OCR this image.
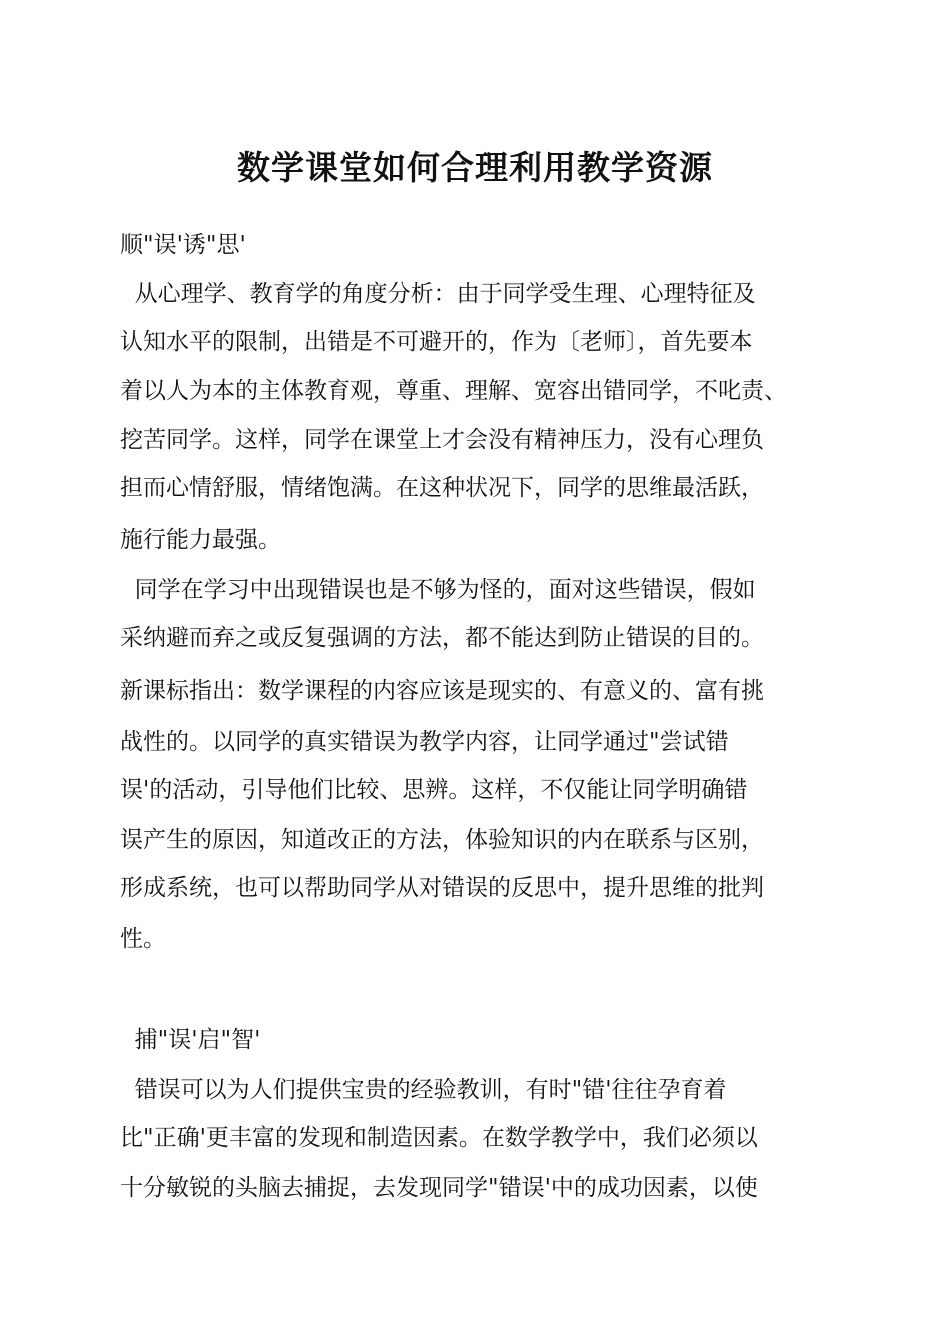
数学课堂如何合理利用教学资源
顺"误'诱"思'
从心理学、教育学的角度分析：由于同学受生理、心理特征及
认知水平的限制，出错是不可避开的，作为〔老师〕，首先要本
着以人为本的主体教育观，尊重、理解、宽容出错同学，不叱责、
挖苦同学。这样，同学在课堂上才会没有精神压力，没有心理负
担而心情舒服，情绪饱满。在这种状况下，同学的思维最活跃，
施行能力最强。
同学在学习中出现错误也是不够为怪的，面对这些错误，假如
采纳避而弃之或反复强调的方法，都不能达到防止错误的目的。
新课标指出：数学课程的内容应该是现实的、有意义的、富有挑
战性的。以同学的真实错误为教学内容，让同学通过"尝试错
误'的活动，引导他们比较、思辨。这样，不仅能让同学明确错
误产生的原因，知道改正的方法，体验知识的内在联系与区别，
形成系统，也可以帮助同学从对错误的反思中，提升思维的批判
性。
捕"误'启"智'
错误可以为人们提供宝贵的经验教训，有时"错'往往孕育着
比"正确'更丰富的发现和制造因素。在数学教学中，我们必须以
十分敏锐的头脑去捕捉，去发现同学"错误'中的成功因素，以使
